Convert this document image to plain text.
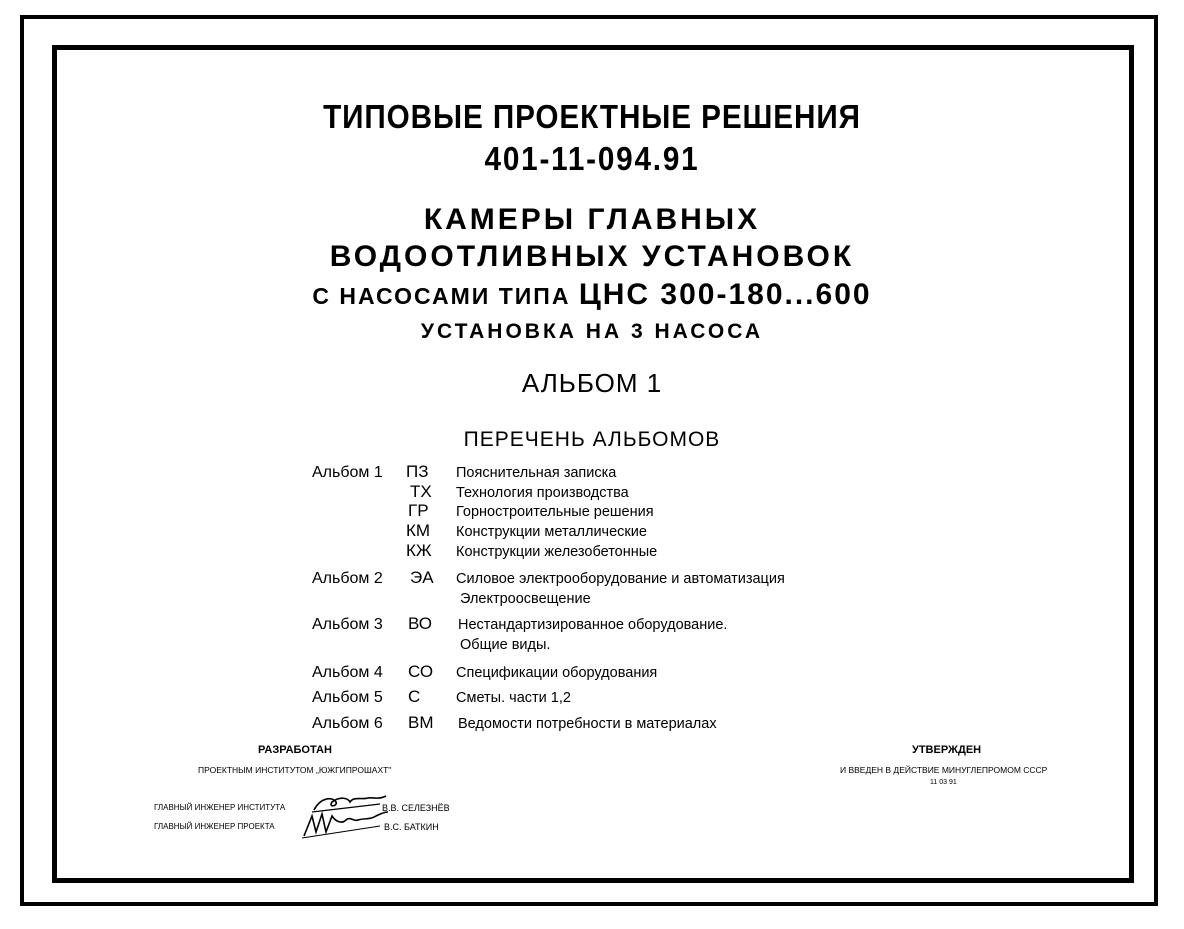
ТИПОВЫЕ ПРОЕКТНЫЕ РЕШЕНИЯ
401-11-094.91
КАМЕРЫ ГЛАВНЫХ
ВОДООТЛИВНЫХ УСТАНОВОК
С НАСОСАМИ ТИПА ЦНС 300-180...600
УСТАНОВКА НА 3 НАСОСА
АЛЬБОМ 1
ПЕРЕЧЕНЬ АЛЬБОМОВ
Альбом 1 ПЗ Пояснительная записка
ТХ Технология производства
ГР Горностроительные решения
КМ Конструкции металлические
КЖ Конструкции железобетонные
Альбом 2 ЭА Силовое электрооборудование и автоматизация
Электроосвещение
Альбом 3 ВО Нестандартизированное оборудование.
Общие виды.
Альбом 4 СО Спецификации оборудования
Альбом 5 С Сметы. части 1,2
Альбом 6 ВМ Ведомости потребности в материалах
РАЗРАБОТАН
ПРОЕКТНЫМ ИНСТИТУТОМ „ЮЖГИПРОШАХТ"
УТВЕРЖДЕН
И ВВЕДЕН В ДЕЙСТВИЕ МИНУГЛЕПРОМОМ СССР
11 03 91
ГЛАВНЫЙ ИНЖЕНЕР ИНСТИТУТА	В.В. СЕЛЕЗНЁВ
ГЛАВНЫЙ ИНЖЕНЕР ПРОЕКТА	В.С. БАТКИН
